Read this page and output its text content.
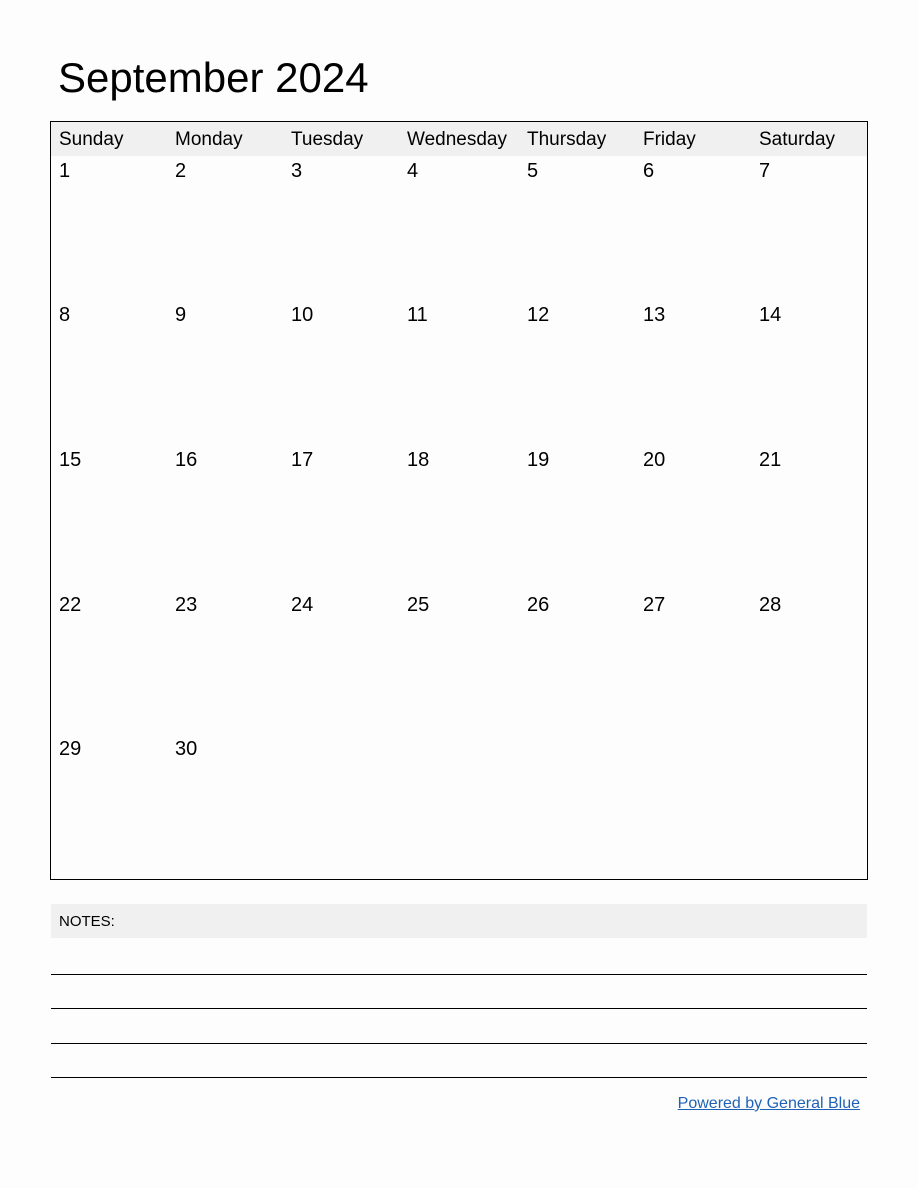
September 2024
Sunday	Monday	Tuesday Wednesday Thursday Friday	Saturday
1	2	3	4	5	6	7
8	9	10	11	12	13	14
15	16	17	18	19	20	21
22	23	24	25	26	27	28
29	30
NOTES:
Powered by General Blue
